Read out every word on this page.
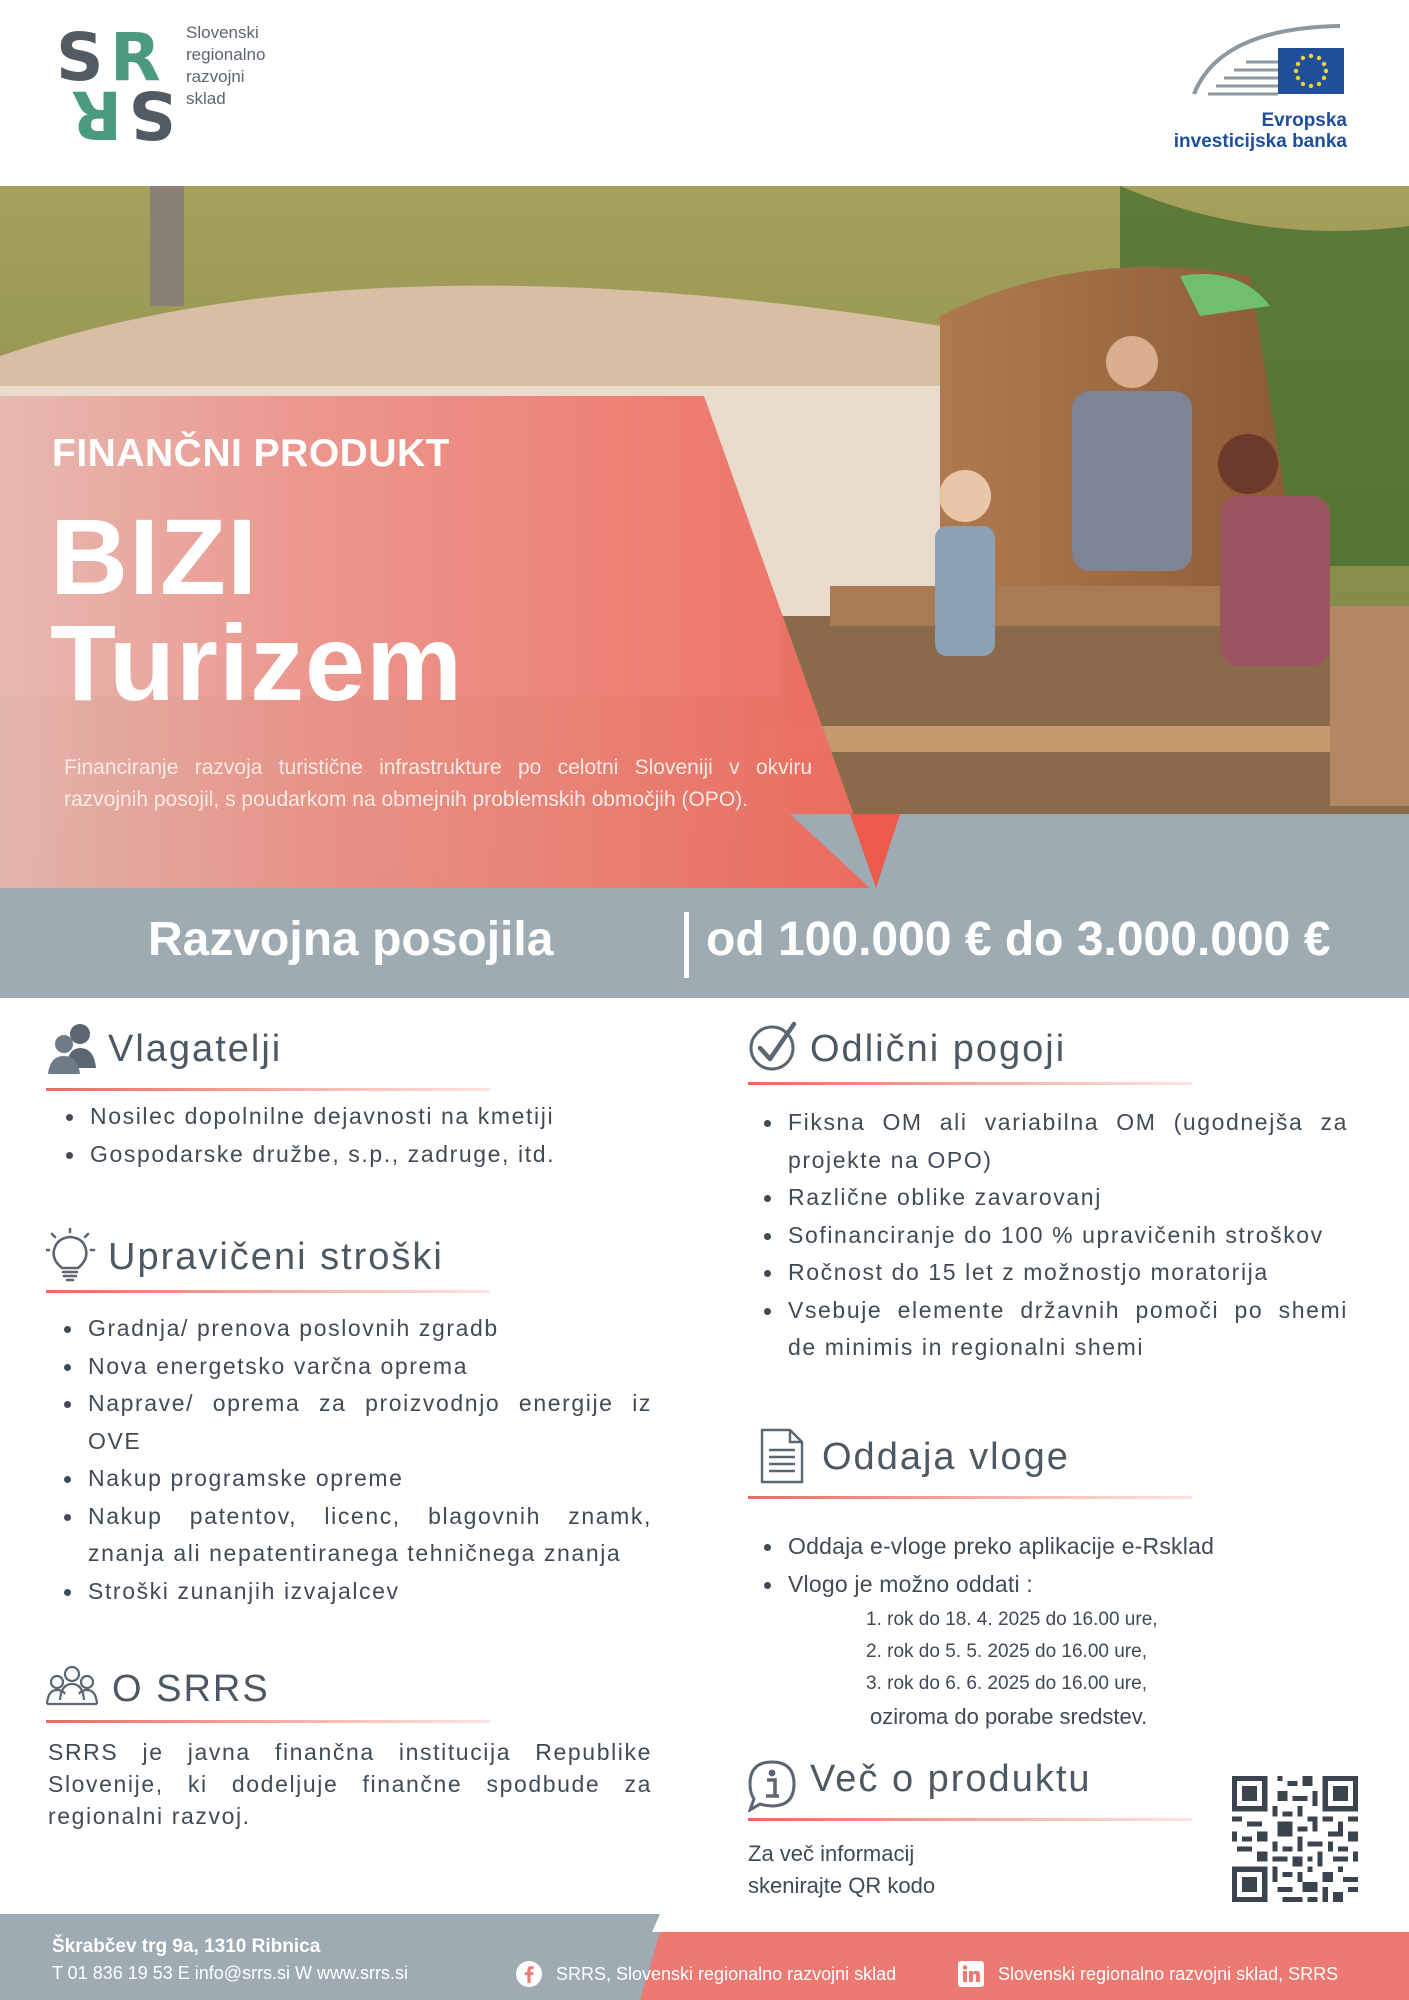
S R
S
R
Slovenski
regionalno
razvojni
sklad
Evropska
investicijska banka
FINANČNI PRODUKT
BIZI
Turizem
Financiranje razvoja turistične infrastrukture po celotni Sloveniji v okviru razvojnih posojil, s poudarkom na obmejnih problemskih območjih (OPO).
Razvojna posojila	od 100.000 € do 3.000.000 €
Vlagatelji
Nosilec dopolnilne dejavnosti na kmetiji
Gospodarske družbe, s.p., zadruge, itd.
Upravičeni stroški
Gradnja/ prenova poslovnih zgradb
Nova energetsko varčna oprema
Naprave/ oprema za proizvodnjo energije iz OVE
Nakup programske opreme
Nakup patentov, licenc, blagovnih znamk, znanja ali nepatentiranega tehničnega znanja
Stroški zunanjih izvajalcev
O SRRS
SRRS je javna finančna institucija Republike Slovenije, ki dodeljuje finančne spodbude za regionalni razvoj.
Odlični pogoji
Fiksna OM ali variabilna OM (ugodnejša za projekte na OPO)
Različne oblike zavarovanj
Sofinanciranje do 100 % upravičenih stroškov
Ročnost do 15 let z možnostjo moratorija
Vsebuje elemente državnih pomoči po shemi de minimis in regionalni shemi
Oddaja vloge
Oddaja e-vloge preko aplikacije e-Rsklad
Vlogo je možno oddati :
1. rok do 18. 4. 2025 do 16.00 ure,
2. rok do 5. 5. 2025 do 16.00 ure,
3. rok do 6. 6. 2025 do 16.00 ure,
oziroma do porabe sredstev.
Več o produktu
Za več informacij
skenirajte QR kodo
Škrabčev trg 9a, 1310 Ribnica
T 01 836 19 53 E info@srrs.si W www.srrs.si	SRRS, Slovenski regionalno razvojni sklad	Slovenski regionalno razvojni sklad, SRRS
